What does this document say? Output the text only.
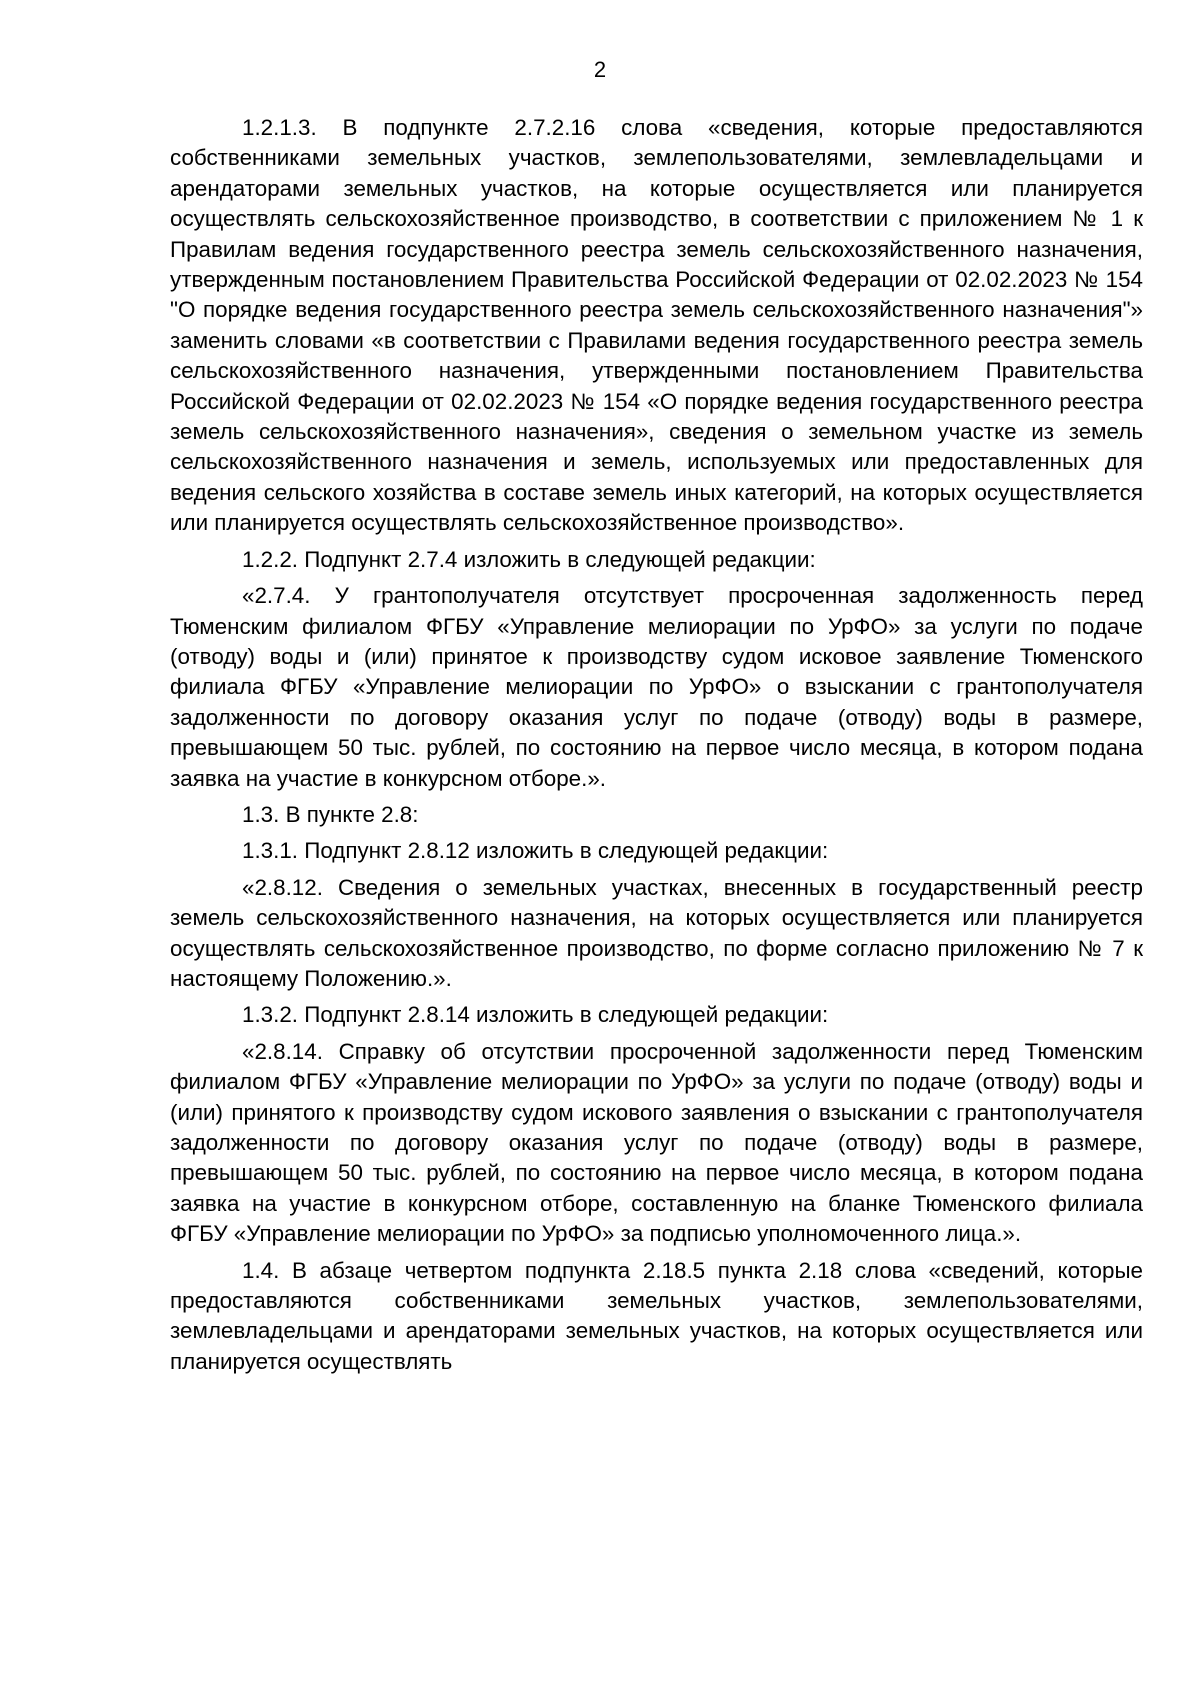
2

1.2.1.3. В подпункте 2.7.2.16 слова «сведения, которые предоставляются собственниками земельных участков, землепользователями, землевладельцами и арендаторами земельных участков, на которые осуществляется или планируется осуществлять сельскохозяйственное производство, в соответствии с приложением № 1 к Правилам ведения государственного реестра земель сельскохозяйственного назначения, утвержденным постановлением Правительства Российской Федерации от 02.02.2023 № 154 "О порядке ведения государственного реестра земель сельскохозяйственного назначения"» заменить словами «в соответствии с Правилами ведения государственного реестра земель сельскохозяйственного назначения, утвержденными постановлением Правительства Российской Федерации от 02.02.2023 № 154 «О порядке ведения государственного реестра земель сельскохозяйственного назначения», сведения о земельном участке из земель сельскохозяйственного назначения и земель, используемых или предоставленных для ведения сельского хозяйства в составе земель иных категорий, на которых осуществляется или планируется осуществлять сельскохозяйственное производство».

1.2.2. Подпункт 2.7.4 изложить в следующей редакции:

«2.7.4. У грантополучателя отсутствует просроченная задолженность перед Тюменским филиалом ФГБУ «Управление мелиорации по УрФО» за услуги по подаче (отводу) воды и (или) принятое к производству судом исковое заявление Тюменского филиала ФГБУ «Управление мелиорации по УрФО» о взыскании с грантополучателя задолженности по договору оказания услуг по подаче (отводу) воды в размере, превышающем 50 тыс. рублей, по состоянию на первое число месяца, в котором подана заявка на участие в конкурсном отборе.».

1.3. В пункте 2.8:

1.3.1. Подпункт 2.8.12 изложить в следующей редакции:

«2.8.12. Сведения о земельных участках, внесенных в государственный реестр земель сельскохозяйственного назначения, на которых осуществляется или планируется осуществлять сельскохозяйственное производство, по форме согласно приложению № 7 к настоящему Положению.».

1.3.2. Подпункт 2.8.14 изложить в следующей редакции:

«2.8.14. Справку об отсутствии просроченной задолженности перед Тюменским филиалом ФГБУ «Управление мелиорации по УрФО» за услуги по подаче (отводу) воды и (или) принятого к производству судом искового заявления о взыскании с грантополучателя задолженности по договору оказания услуг по подаче (отводу) воды в размере, превышающем 50 тыс. рублей, по состоянию на первое число месяца, в котором подана заявка на участие в конкурсном отборе, составленную на бланке Тюменского филиала ФГБУ «Управление мелиорации по УрФО» за подписью уполномоченного лица.».

1.4. В абзаце четвертом подпункта 2.18.5 пункта 2.18 слова «сведений, которые предоставляются собственниками земельных участков, землепользователями, землевладельцами и арендаторами земельных участков, на которых осуществляется или планируется осуществлять
